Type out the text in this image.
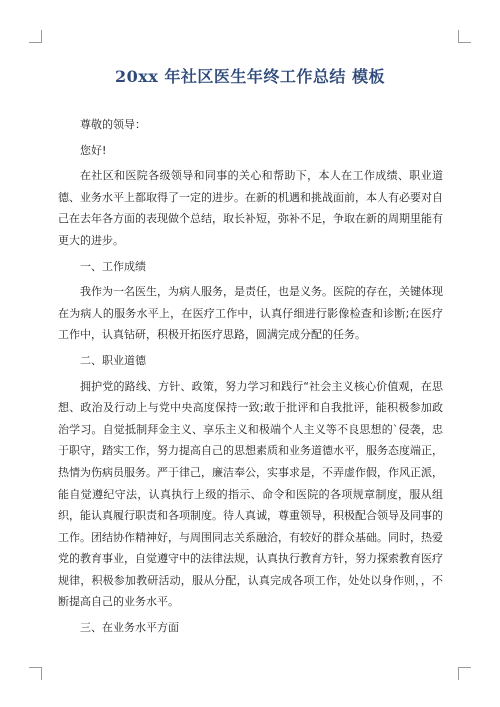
20xx 年社区医生年终工作总结 模板

尊敬的领导：

您好!

在社区和医院各级领导和同事的关心和帮助下，本人在工作成绩、职业道德、业务水平上都取得了一定的进步。在新的机遇和挑战面前，本人有必要对自己在去年各方面的表现做个总结，取长补短，弥补不足，争取在新的周期里能有更大的进步。

一、工作成绩

我作为一名医生，为病人服务，是责任，也是义务。医院的存在，关键体现在为病人的服务水平上，在医疗工作中，认真仔细进行影像检查和诊断;在医疗工作中，认真钻研，积极开拓医疗思路，圆满完成分配的任务。

二、职业道德

拥护党的路线、方针、政策，努力学习和践行“社会主义核心价值观，在思想、政治及行动上与党中央高度保持一致;敢于批评和自我批评，能积极参加政治学习。自觉抵制拜金主义、享乐主义和极端个人主义等不良思想的`侵袭，忠于职守，踏实工作，努力提高自己的思想素质和业务道德水平，服务态度端正，热情为伤病员服务。严于律己，廉洁奉公，实事求是，不弄虚作假，作风正派，能自觉遵纪守法，认真执行上级的指示、命令和医院的各项规章制度，服从组织，能认真履行职责和各项制度。待人真诚，尊重领导，积极配合领导及同事的工作。团结协作精神好，与周围同志关系融洽，有较好的群众基础。同时，热爱党的教育事业，自觉遵守中的法律法规，认真执行教育方针，努力探索教育医疗规律，积极参加教研活动，服从分配，认真完成各项工作，处处以身作则，，不断提高自己的业务水平。

三、在业务水平方面
